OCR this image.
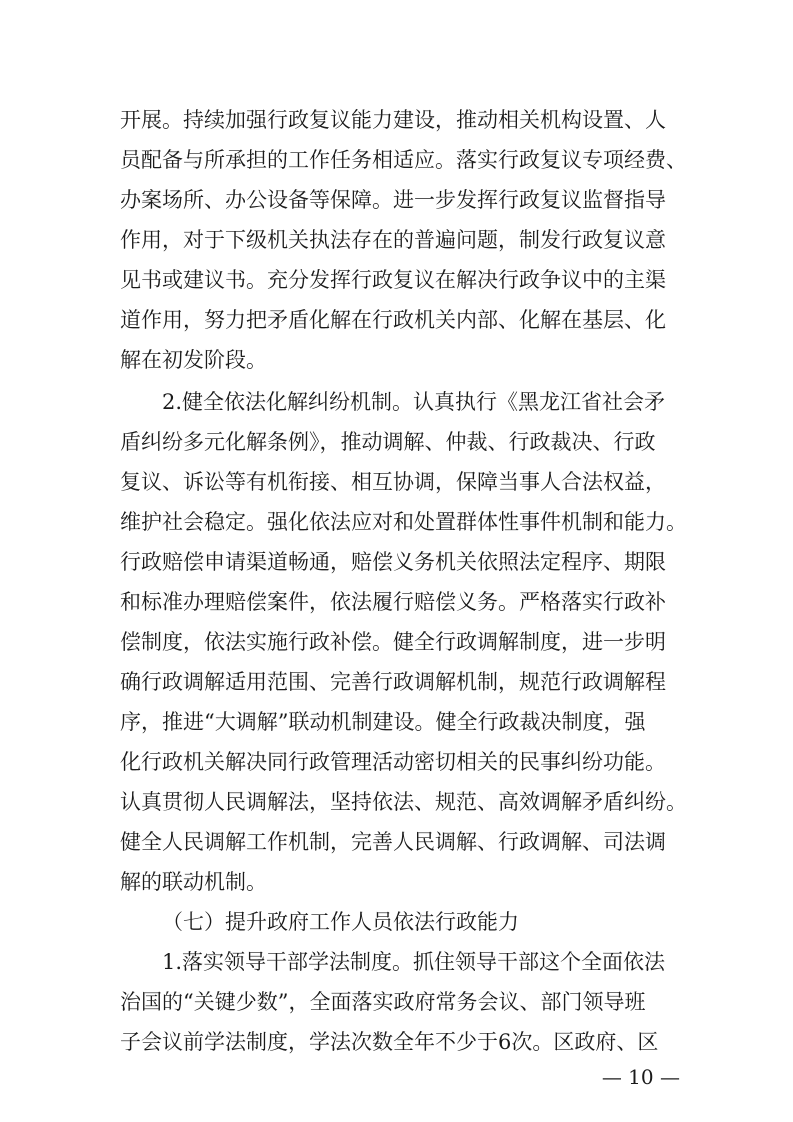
开展。持续加强行政复议能力建设，推动相关机构设置、人
员配备与所承担的工作任务相适应。落实行政复议专项经费、
办案场所、办公设备等保障。进一步发挥行政复议监督指导
作用，对于下级机关执法存在的普遍问题，制发行政复议意
见书或建议书。充分发挥行政复议在解决行政争议中的主渠
道作用，努力把矛盾化解在行政机关内部、化解在基层、化
解在初发阶段。
2.健全依法化解纠纷机制。认真执行《黑龙江省社会矛
盾纠纷多元化解条例》，推动调解、仲裁、行政裁决、行政
复议、诉讼等有机衔接、相互协调，保障当事人合法权益，
维护社会稳定。强化依法应对和处置群体性事件机制和能力。
行政赔偿申请渠道畅通，赔偿义务机关依照法定程序、期限
和标准办理赔偿案件，依法履行赔偿义务。严格落实行政补
偿制度，依法实施行政补偿。健全行政调解制度，进一步明
确行政调解适用范围、完善行政调解机制，规范行政调解程
序，推进“大调解”联动机制建设。健全行政裁决制度，强
化行政机关解决同行政管理活动密切相关的民事纠纷功能。
认真贯彻人民调解法，坚持依法、规范、高效调解矛盾纠纷。
健全人民调解工作机制，完善人民调解、行政调解、司法调
解的联动机制。
（七）提升政府工作人员依法行政能力
1.落实领导干部学法制度。抓住领导干部这个全面依法
治国的“关键少数”，全面落实政府常务会议、部门领导班
子会议前学法制度，学法次数全年不少于6次。区政府、区
— 10 —
